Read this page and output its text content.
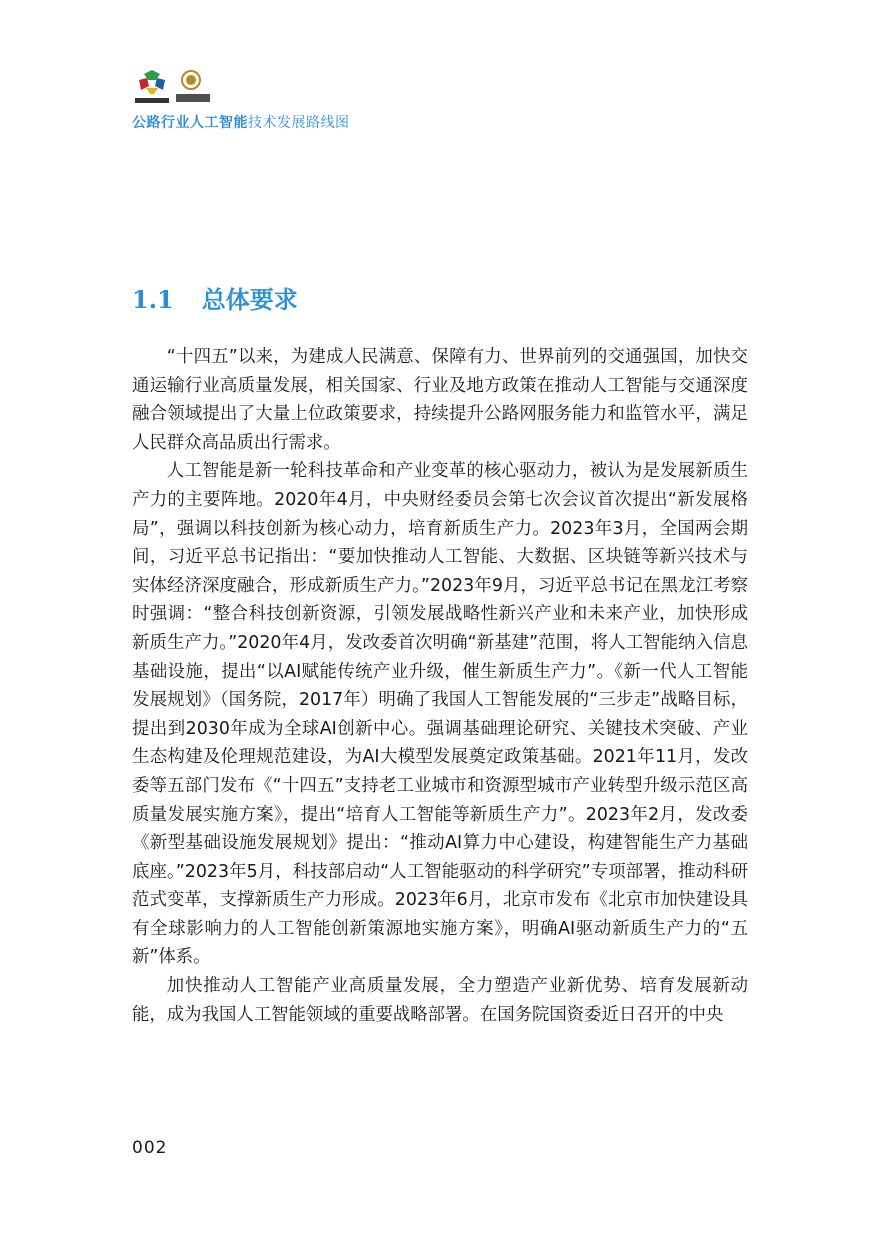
公路行业人工智能技术发展路线图
1.1 总体要求

“十四五”以来，为建成人民满意、保障有力、世界前列的交通强国，加快交通运输行业高质量发展，相关国家、行业及地方政策在推动人工智能与交通深度融合领域提出了大量上位政策要求，持续提升公路网服务能力和监管水平，满足人民群众高品质出行需求。

人工智能是新一轮科技革命和产业变革的核心驱动力，被认为是发展新质生产力的主要阵地。2020年4月，中央财经委员会第七次会议首次提出“新发展格局”，强调以科技创新为核心动力，培育新质生产力。2023年3月，全国两会期间，习近平总书记指出：“要加快推动人工智能、大数据、区块链等新兴技术与实体经济深度融合，形成新质生产力。”2023年9月，习近平总书记在黑龙江考察时强调：“整合科技创新资源，引领发展战略性新兴产业和未来产业，加快形成新质生产力。”2020年4月，发改委首次明确“新基建”范围，将人工智能纳入信息基础设施，提出“以AI赋能传统产业升级，催生新质生产力”。《新一代人工智能发展规划》（国务院，2017年）明确了我国人工智能发展的“三步走”战略目标，提出到2030年成为全球AI创新中心。强调基础理论研究、关键技术突破、产业生态构建及伦理规范建设，为AI大模型发展奠定政策基础。2021年11月，发改委等五部门发布《“十四五”支持老工业城市和资源型城市产业转型升级示范区高质量发展实施方案》，提出“培育人工智能等新质生产力”。2023年2月，发改委《新型基础设施发展规划》提出：“推动AI算力中心建设，构建智能生产力基础底座。”2023年5月，科技部启动“人工智能驱动的科学研究”专项部署，推动科研范式变革，支撑新质生产力形成。2023年6月，北京市发布《北京市加快建设具有全球影响力的人工智能创新策源地实施方案》，明确AI驱动新质生产力的“五新”体系。

加快推动人工智能产业高质量发展，全力塑造产业新优势、培育发展新动能，成为我国人工智能领域的重要战略部署。在国务院国资委近日召开的中央

002
